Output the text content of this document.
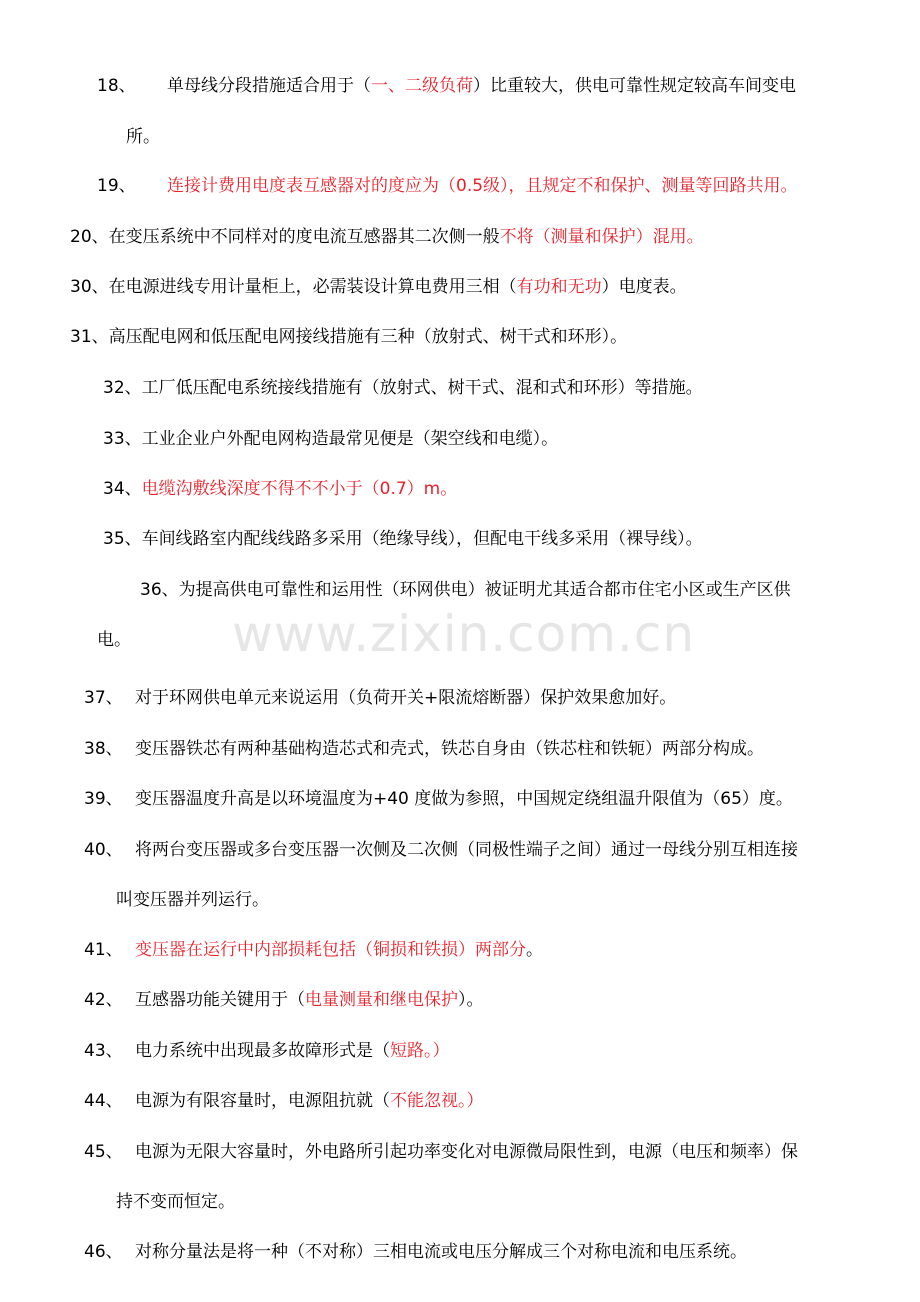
www.zixin.com.cn
18、 单母线分段措施适合用于（一、二级负荷）比重较大，供电可靠性规定较高车间变电
所。
19、 连接计费用电度表互感器对的度应为（0.5级），且规定不和保护、测量等回路共用。
20、在变压系统中不同样对的度电流互感器其二次侧一般不将（测量和保护）混用。
30、在电源进线专用计量柜上，必需装设计算电费用三相（有功和无功）电度表。
31、高压配电网和低压配电网接线措施有三种（放射式、树干式和环形）。
32、工厂低压配电系统接线措施有（放射式、树干式、混和式和环形）等措施。
33、工业企业户外配电网构造最常见便是（架空线和电缆）。
34、电缆沟敷线深度不得不不小于（0.7）m。
35、车间线路室内配线线路多采用（绝缘导线），但配电干线多采用（裸导线）。
36、为提高供电可靠性和运用性（环网供电）被证明尤其适合都市住宅小区或生产区供
电。
37、 对于环网供电单元来说运用（负荷开关+限流熔断器）保护效果愈加好。
38、 变压器铁芯有两种基础构造芯式和壳式，铁芯自身由（铁芯柱和铁轭）两部分构成。
39、 变压器温度升高是以环境温度为+40 度做为参照，中国规定绕组温升限值为（65）度。
40、 将两台变压器或多台变压器一次侧及二次侧（同极性端子之间）通过一母线分别互相连接
叫变压器并列运行。
41、 变压器在运行中内部损耗包括（铜损和铁损）两部分。
42、 互感器功能关键用于（电量测量和继电保护）。
43、 电力系统中出现最多故障形式是（短路。）
44、 电源为有限容量时，电源阻抗就（不能忽视。）
45、 电源为无限大容量时，外电路所引起功率变化对电源微局限性到，电源（电压和频率）保
持不变而恒定。
46、 对称分量法是将一种（不对称）三相电流或电压分解成三个对称电流和电压系统。
